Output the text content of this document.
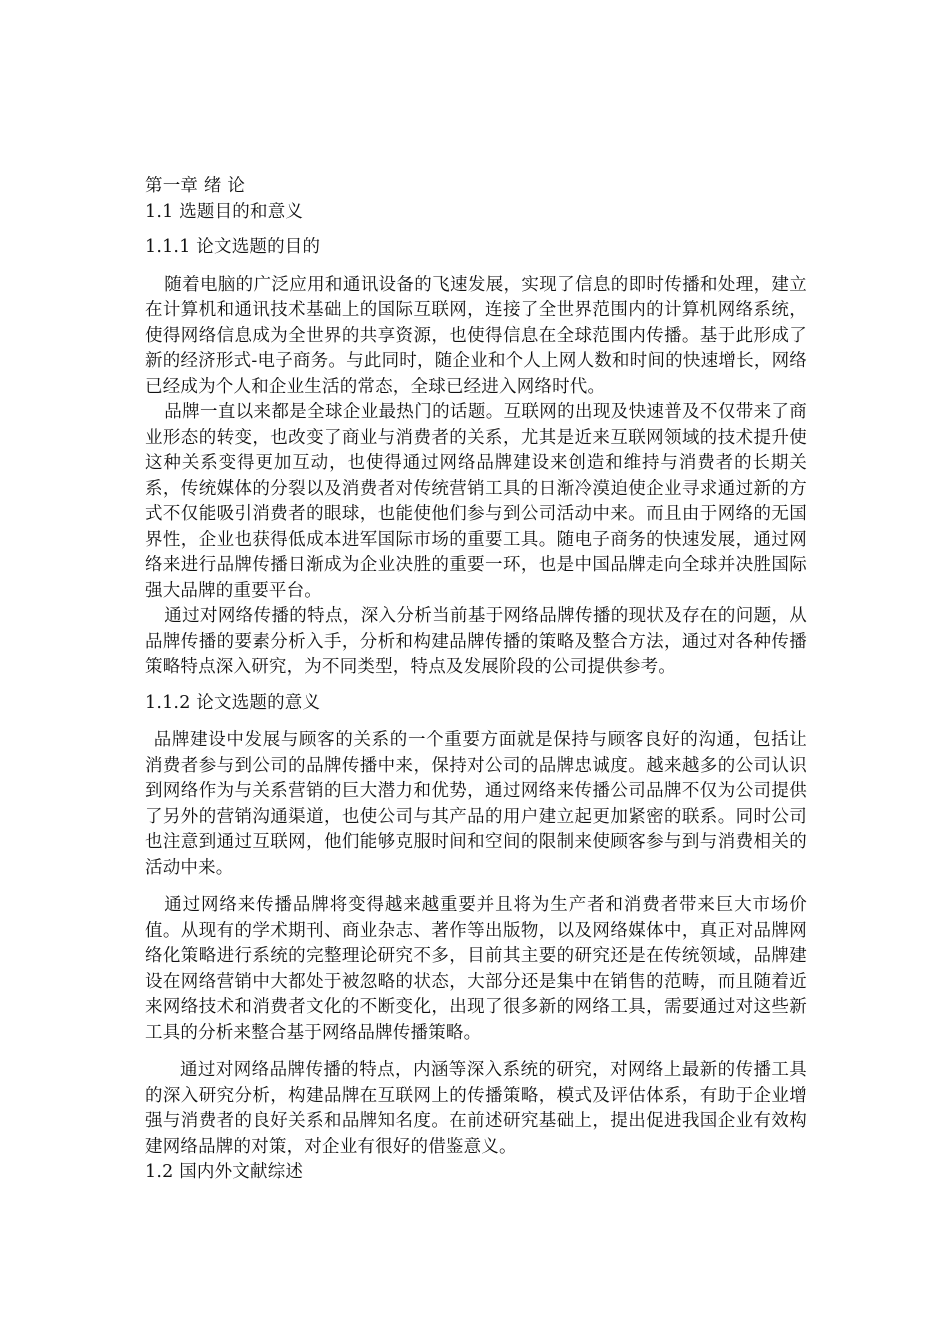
第一章 绪 论
1.1 选题目的和意义
1.1.1 论文选题的目的

随着电脑的广泛应用和通讯设备的飞速发展，实现了信息的即时传播和处理，建立在计算机和通讯技术基础上的国际互联网，连接了全世界范围内的计算机网络系统，使得网络信息成为全世界的共享资源，也使得信息在全球范围内传播。基于此形成了新的经济形式-电子商务。与此同时，随企业和个人上网人数和时间的快速增长，网络已经成为个人和企业生活的常态，全球已经进入网络时代。

品牌一直以来都是全球企业最热门的话题。互联网的出现及快速普及不仅带来了商业形态的转变，也改变了商业与消费者的关系，尤其是近来互联网领域的技术提升使这种关系变得更加互动，也使得通过网络品牌建设来创造和维持与消费者的长期关系，传统媒体的分裂以及消费者对传统营销工具的日渐冷漠迫使企业寻求通过新的方式不仅能吸引消费者的眼球，也能使他们参与到公司活动中来。而且由于网络的无国界性，企业也获得低成本进军国际市场的重要工具。随电子商务的快速发展，通过网络来进行品牌传播日渐成为企业决胜的重要一环，也是中国品牌走向全球并决胜国际强大品牌的重要平台。

通过对网络传播的特点，深入分析当前基于网络品牌传播的现状及存在的问题，从品牌传播的要素分析入手，分析和构建品牌传播的策略及整合方法，通过对各种传播策略特点深入研究，为不同类型，特点及发展阶段的公司提供参考。

1.1.2 论文选题的意义

品牌建设中发展与顾客的关系的一个重要方面就是保持与顾客良好的沟通，包括让消费者参与到公司的品牌传播中来，保持对公司的品牌忠诚度。越来越多的公司认识到网络作为与关系营销的巨大潜力和优势，通过网络来传播公司品牌不仅为公司提供了另外的营销沟通渠道，也使公司与其产品的用户建立起更加紧密的联系。同时公司也注意到通过互联网，他们能够克服时间和空间的限制来使顾客参与到与消费相关的活动中来。

通过网络来传播品牌将变得越来越重要并且将为生产者和消费者带来巨大市场价值。从现有的学术期刊、商业杂志、著作等出版物，以及网络媒体中，真正对品牌网络化策略进行系统的完整理论研究不多，目前其主要的研究还是在传统领域，品牌建设在网络营销中大都处于被忽略的状态，大部分还是集中在销售的范畴，而且随着近来网络技术和消费者文化的不断变化，出现了很多新的网络工具，需要通过对这些新工具的分析来整合基于网络品牌传播策略。

通过对网络品牌传播的特点，内涵等深入系统的研究，对网络上最新的传播工具的深入研究分析，构建品牌在互联网上的传播策略，模式及评估体系，有助于企业增强与消费者的良好关系和品牌知名度。在前述研究基础上，提出促进我国企业有效构建网络品牌的对策，对企业有很好的借鉴意义。

1.2 国内外文献综述
